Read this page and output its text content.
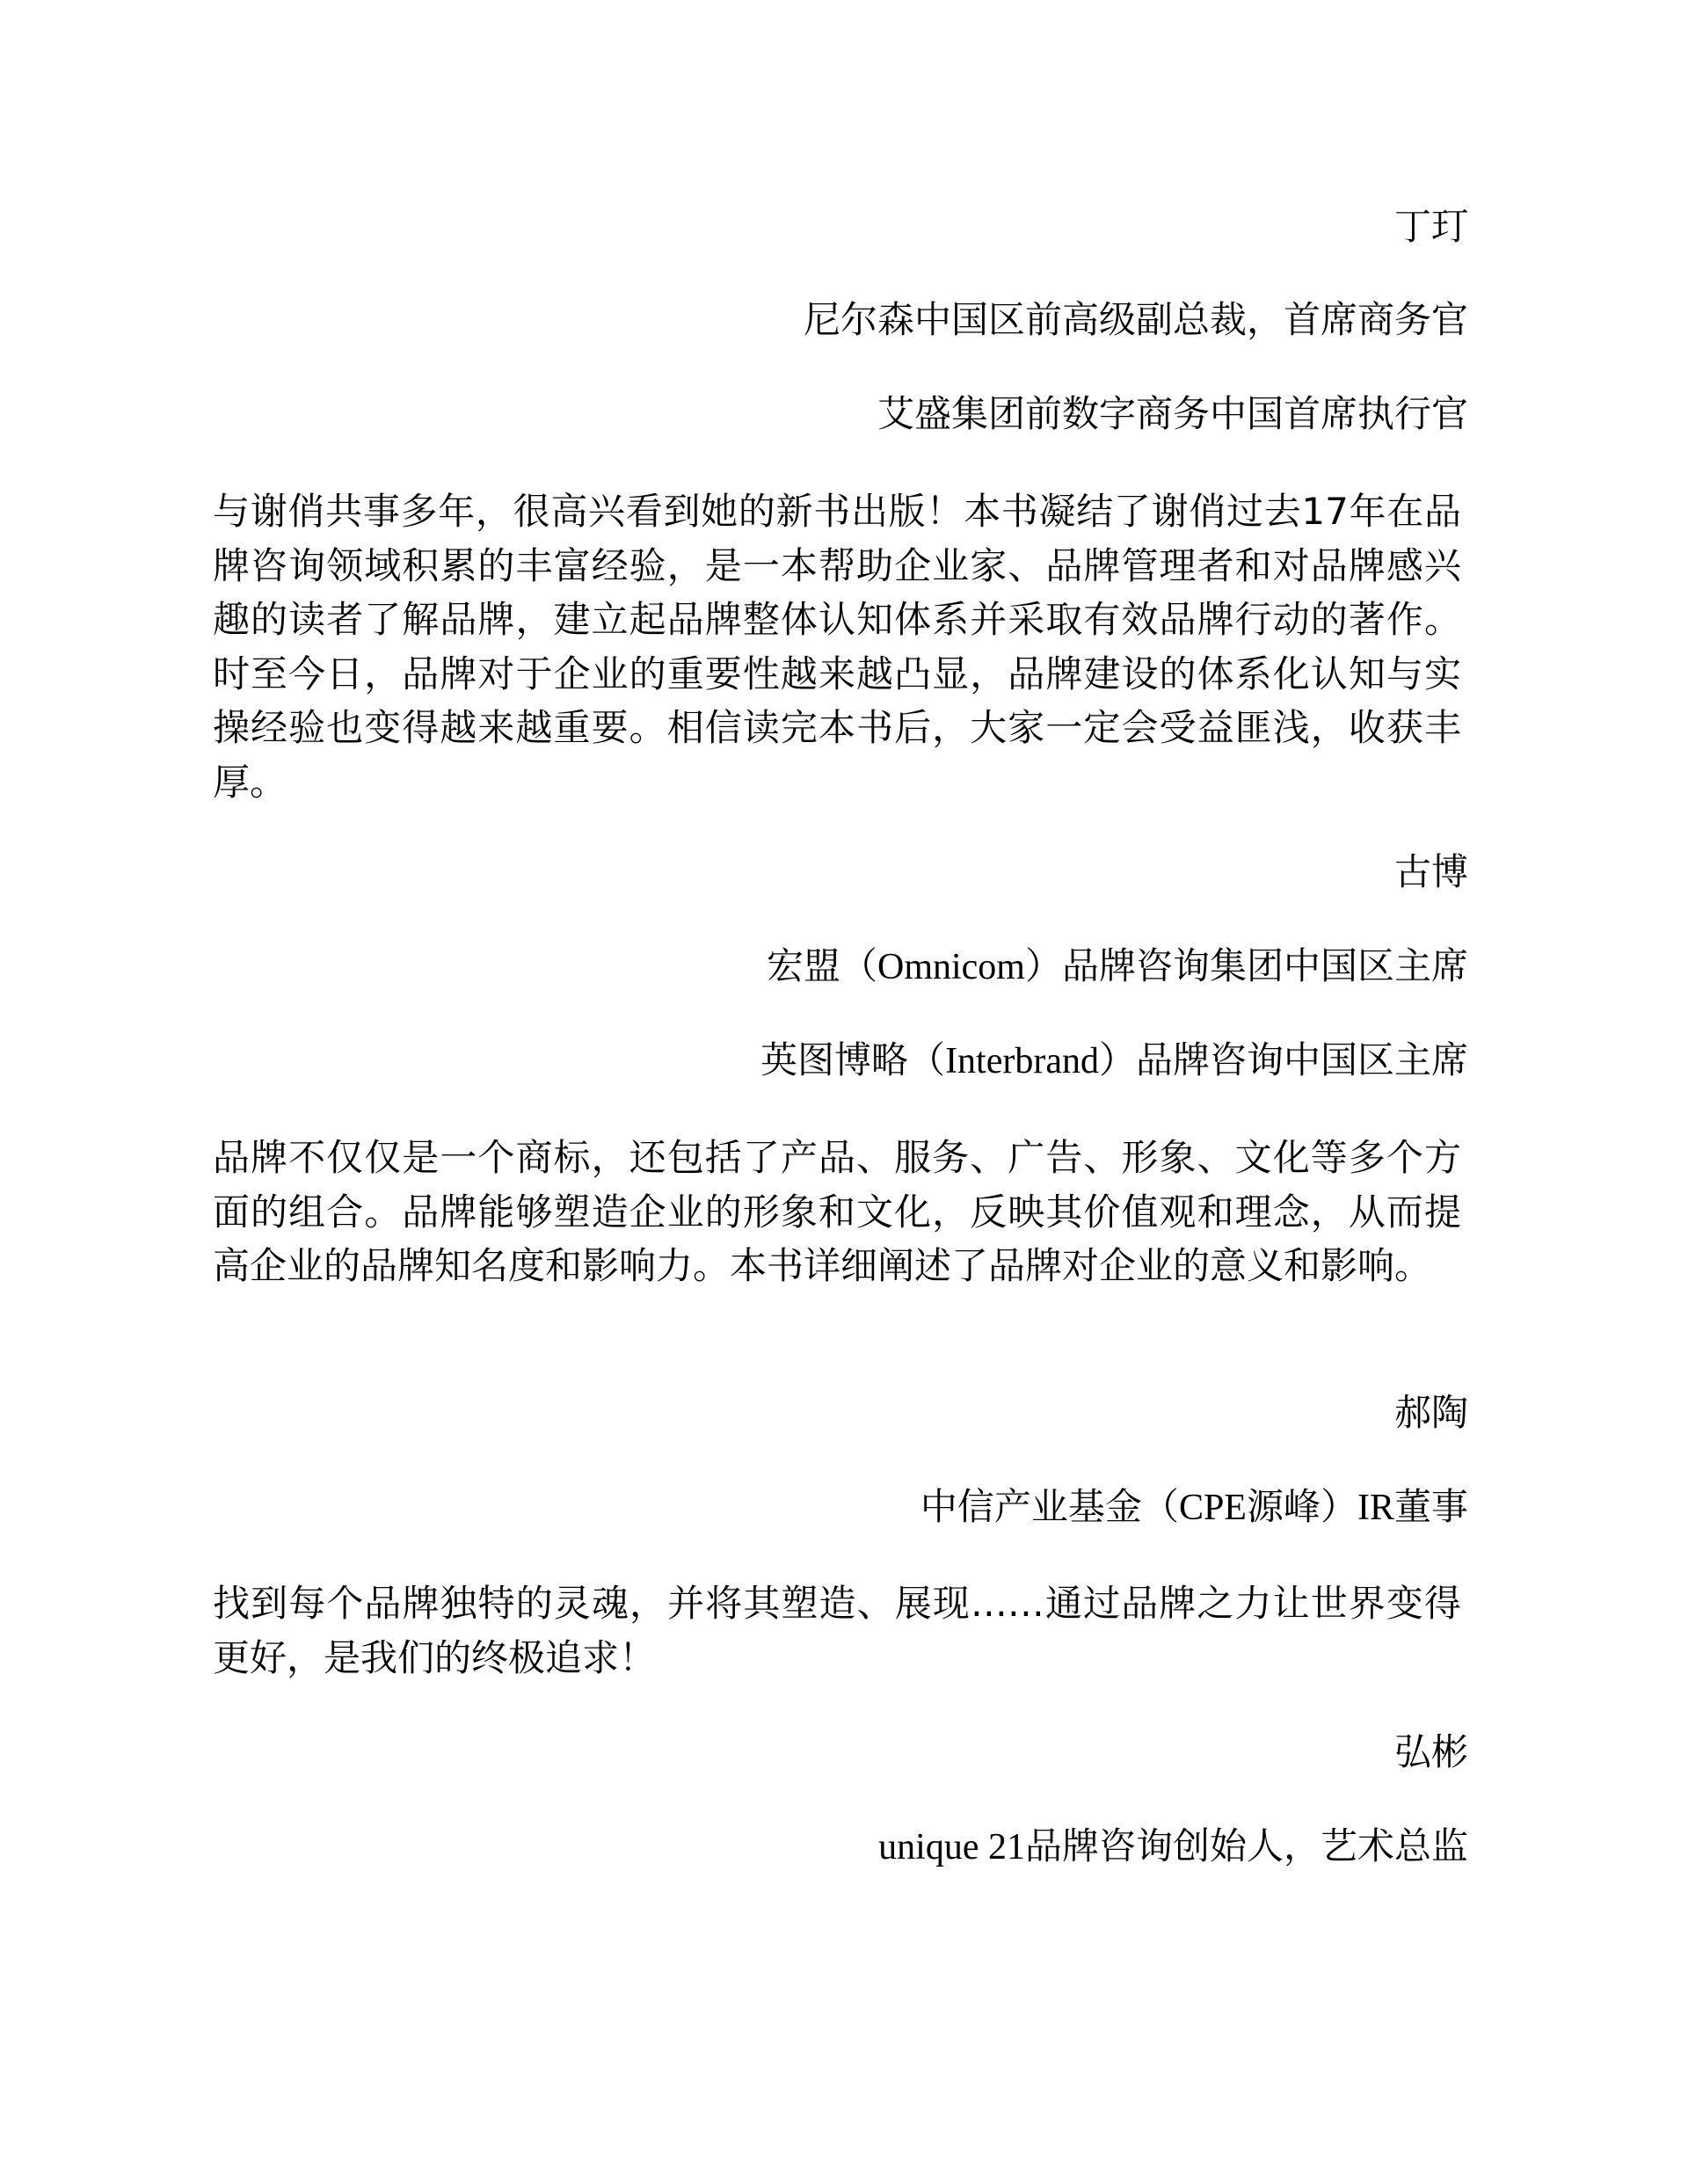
丁玎
尼尔森中国区前高级副总裁，首席商务官
艾盛集团前数字商务中国首席执行官
与谢俏共事多年，很高兴看到她的新书出版！本书凝结了谢俏过去17年在品牌咨询领域积累的丰富经验，是一本帮助企业家、品牌管理者和对品牌感兴趣的读者了解品牌，建立起品牌整体认知体系并采取有效品牌行动的著作。时至今日，品牌对于企业的重要性越来越凸显，品牌建设的体系化认知与实操经验也变得越来越重要。相信读完本书后，大家一定会受益匪浅，收获丰厚。
古博
宏盟（Omnicom）品牌咨询集团中国区主席
英图博略（Interbrand）品牌咨询中国区主席
品牌不仅仅是一个商标，还包括了产品、服务、广告、形象、文化等多个方面的组合。品牌能够塑造企业的形象和文化，反映其价值观和理念，从而提高企业的品牌知名度和影响力。本书详细阐述了品牌对企业的意义和影响。
郝陶
中信产业基金（CPE源峰）IR董事
找到每个品牌独特的灵魂，并将其塑造、展现……通过品牌之力让世界变得更好，是我们的终极追求！
弘彬
unique 21品牌咨询创始人，艺术总监
